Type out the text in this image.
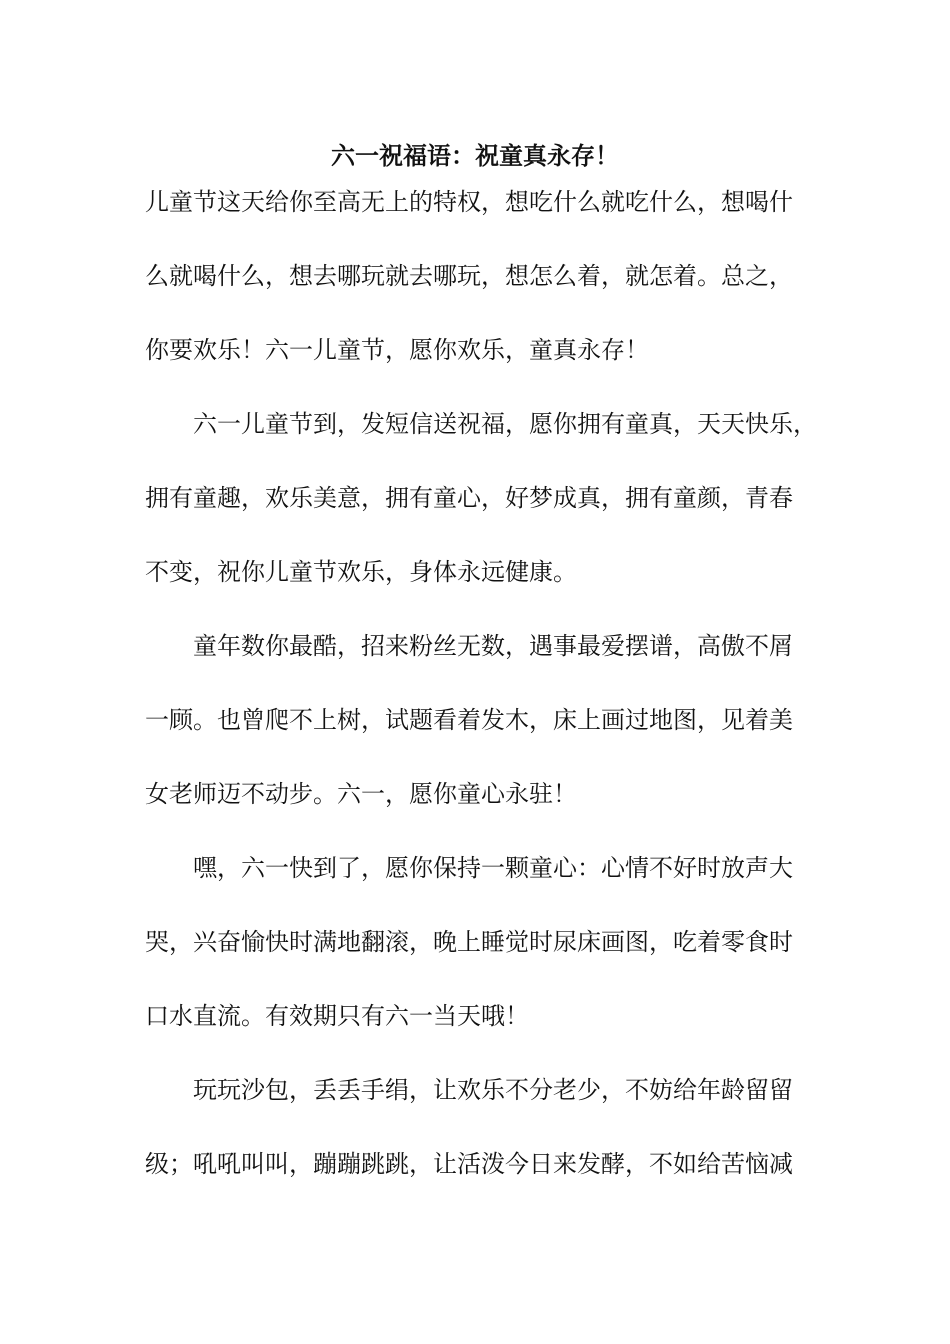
六一祝福语：祝童真永存！
儿童节这天给你至高无上的特权，想吃什么就吃什么，想喝什
么就喝什么，想去哪玩就去哪玩，想怎么着，就怎着。总之，
你要欢乐！六一儿童节，愿你欢乐，童真永存！
六一儿童节到，发短信送祝福，愿你拥有童真，天天快乐，
拥有童趣，欢乐美意，拥有童心，好梦成真，拥有童颜，青春
不变，祝你儿童节欢乐，身体永远健康。
童年数你最酷，招来粉丝无数，遇事最爱摆谱，高傲不屑
一顾。也曾爬不上树，试题看着发木，床上画过地图，见着美
女老师迈不动步。六一，愿你童心永驻！
嘿，六一快到了，愿你保持一颗童心：心情不好时放声大
哭，兴奋愉快时满地翻滚，晚上睡觉时尿床画图，吃着零食时
口水直流。有效期只有六一当天哦！
玩玩沙包，丢丢手绢，让欢乐不分老少，不妨给年龄留留
级；吼吼叫叫，蹦蹦跳跳，让活泼今日来发酵，不如给苦恼减
